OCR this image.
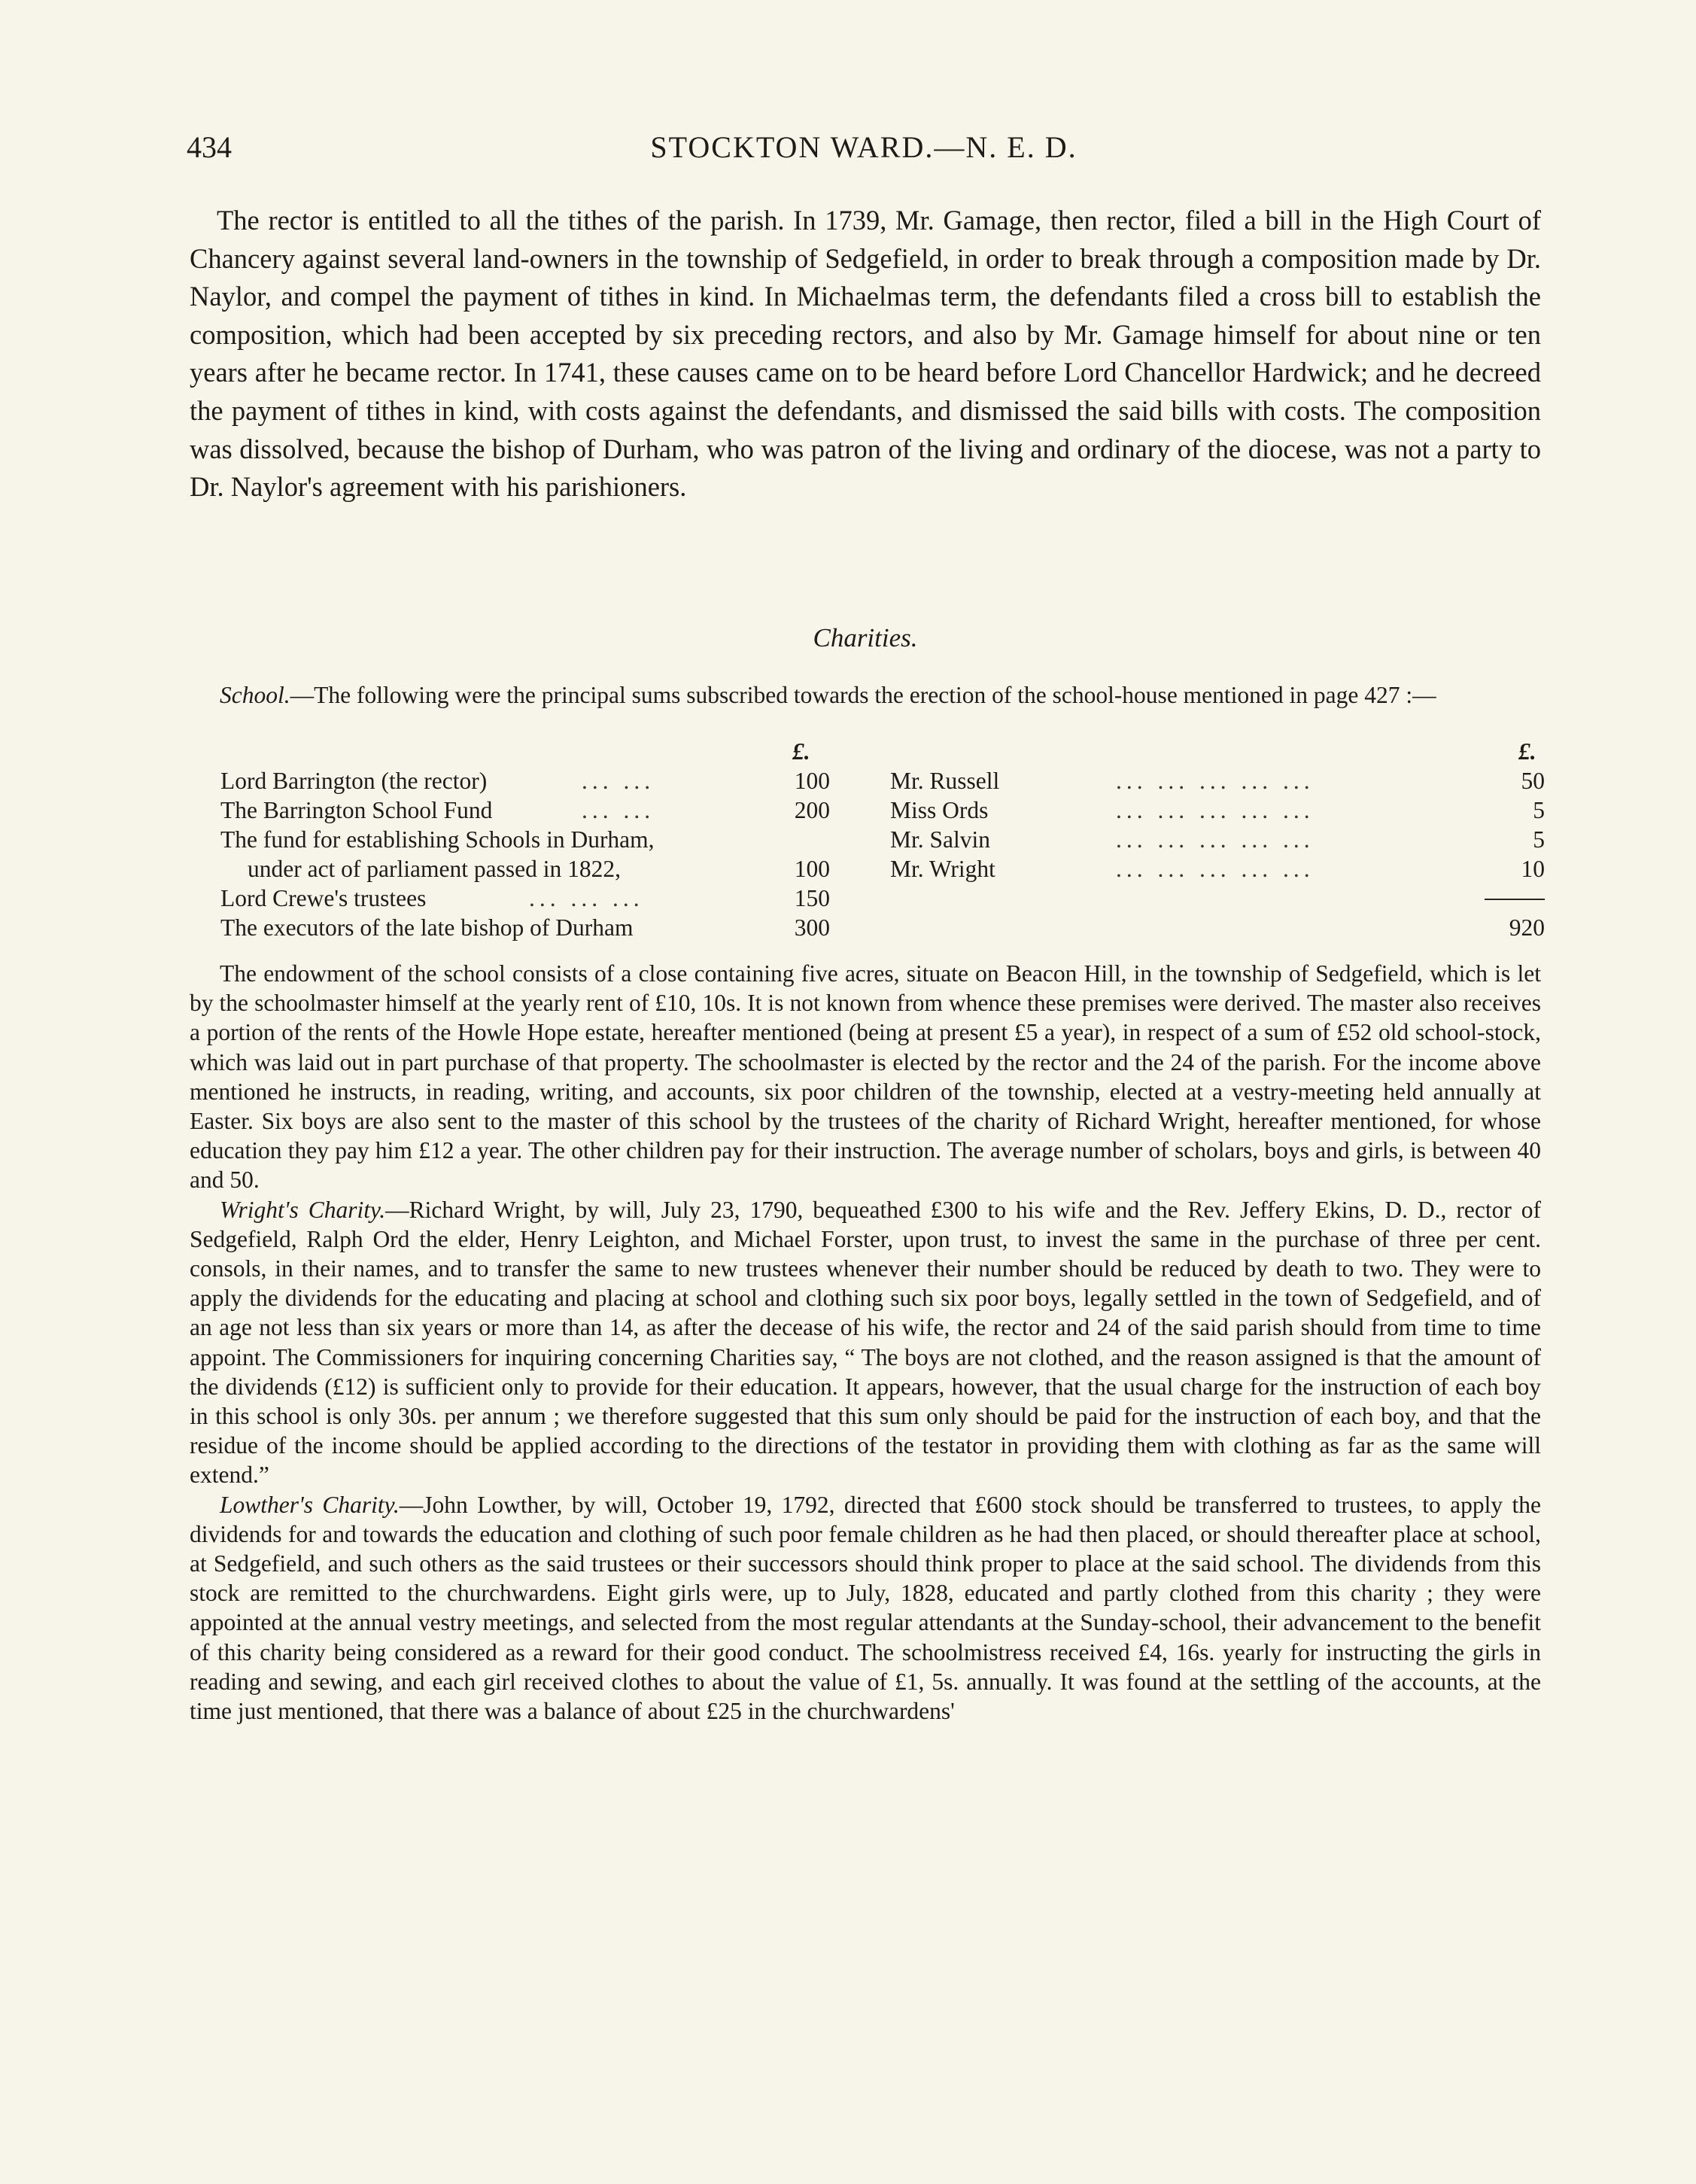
434	STOCKTON WARD.—N. E. D.

The rector is entitled to all the tithes of the parish. In 1739, Mr. Gamage, then rector, filed a bill in the High Court of Chancery against several land-owners in the township of Sedgefield, in order to break through a composition made by Dr. Naylor, and compel the payment of tithes in kind. In Michaelmas term, the defendants filed a cross bill to establish the composition, which had been accepted by six preceding rectors, and also by Mr. Gamage himself for about nine or ten years after he became rector. In 1741, these causes came on to be heard before Lord Chancellor Hardwick; and he decreed the payment of tithes in kind, with costs against the defendants, and dismissed the said bills with costs. The composition was dissolved, because the bishop of Durham, who was patron of the living and ordinary of the diocese, was not a party to Dr. Naylor's agreement with his parishioners.

Charities.

School.—The following were the principal sums subscribed towards the erection of the school-house mentioned in page 427 :—

£.
Lord Barrington (the rector)	... ...	100
The Barrington School Fund	... ...	200
The fund for establishing Schools in Durham,
under act of parliament passed in 1822,	100
Lord Crewe's trustees	... ... ...	150
The executors of the late bishop of Durham	300
£.
Mr. Russell	... ... ... ... ...	50
Miss Ords	... ... ... ... ...	5
Mr. Salvin	... ... ... ... ...	5
Mr. Wright	... ... ... ... ...	10
920

The endowment of the school consists of a close containing five acres, situate on Beacon Hill, in the township of Sedgefield, which is let by the schoolmaster himself at the yearly rent of £10, 10s. It is not known from whence these premises were derived. The master also receives a portion of the rents of the Howle Hope estate, hereafter mentioned (being at present £5 a year), in respect of a sum of £52 old school-stock, which was laid out in part purchase of that property. The schoolmaster is elected by the rector and the 24 of the parish. For the income above mentioned he instructs, in reading, writing, and accounts, six poor children of the township, elected at a vestry-meeting held annually at Easter. Six boys are also sent to the master of this school by the trustees of the charity of Richard Wright, hereafter mentioned, for whose education they pay him £12 a year. The other children pay for their instruction. The average number of scholars, boys and girls, is between 40 and 50.

Wright's Charity.—Richard Wright, by will, July 23, 1790, bequeathed £300 to his wife and the Rev. Jeffery Ekins, D. D., rector of Sedgefield, Ralph Ord the elder, Henry Leighton, and Michael Forster, upon trust, to invest the same in the purchase of three per cent. consols, in their names, and to transfer the same to new trustees whenever their number should be reduced by death to two. They were to apply the dividends for the educating and placing at school and clothing such six poor boys, legally settled in the town of Sedgefield, and of an age not less than six years or more than 14, as after the decease of his wife, the rector and 24 of the said parish should from time to time appoint. The Commissioners for inquiring concerning Charities say, “ The boys are not clothed, and the reason assigned is that the amount of the dividends (£12) is sufficient only to provide for their education. It appears, however, that the usual charge for the instruction of each boy in this school is only 30s. per annum ; we therefore suggested that this sum only should be paid for the instruction of each boy, and that the residue of the income should be applied according to the directions of the testator in providing them with clothing as far as the same will extend.”

Lowther's Charity.—John Lowther, by will, October 19, 1792, directed that £600 stock should be transferred to trustees, to apply the dividends for and towards the education and clothing of such poor female children as he had then placed, or should thereafter place at school, at Sedgefield, and such others as the said trustees or their successors should think proper to place at the said school. The dividends from this stock are remitted to the churchwardens. Eight girls were, up to July, 1828, educated and partly clothed from this charity ; they were appointed at the annual vestry meetings, and selected from the most regular attendants at the Sunday-school, their advancement to the benefit of this charity being considered as a reward for their good conduct. The schoolmistress received £4, 16s. yearly for instructing the girls in reading and sewing, and each girl received clothes to about the value of £1, 5s. annually. It was found at the settling of the accounts, at the time just mentioned, that there was a balance of about £25 in the churchwardens'
